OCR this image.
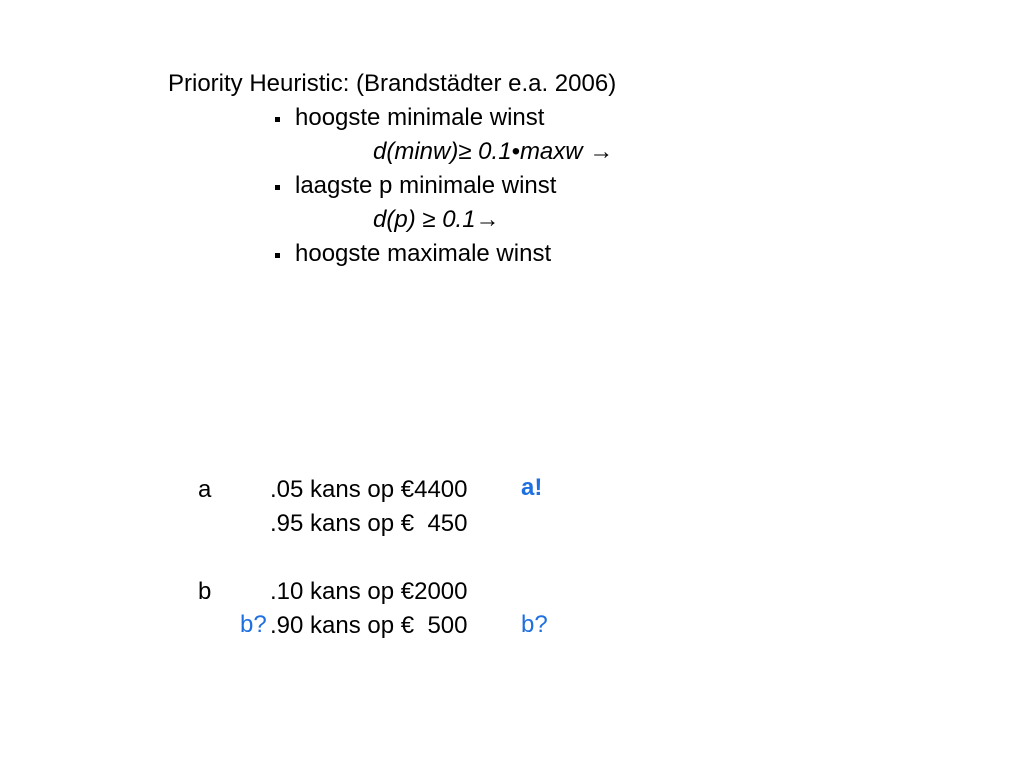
Priority Heuristic: (Brandstädter e.a. 2006)
hoogste minimale winst
d(minw)≥ 0.1•maxw →
laagste p minimale winst
d(p) ≥ 0.1→
hoogste maximale winst
a .05 kans op €4400 a!
.95 kans op €  450
b .10 kans op €2000
b? .90 kans op €  500 b?
